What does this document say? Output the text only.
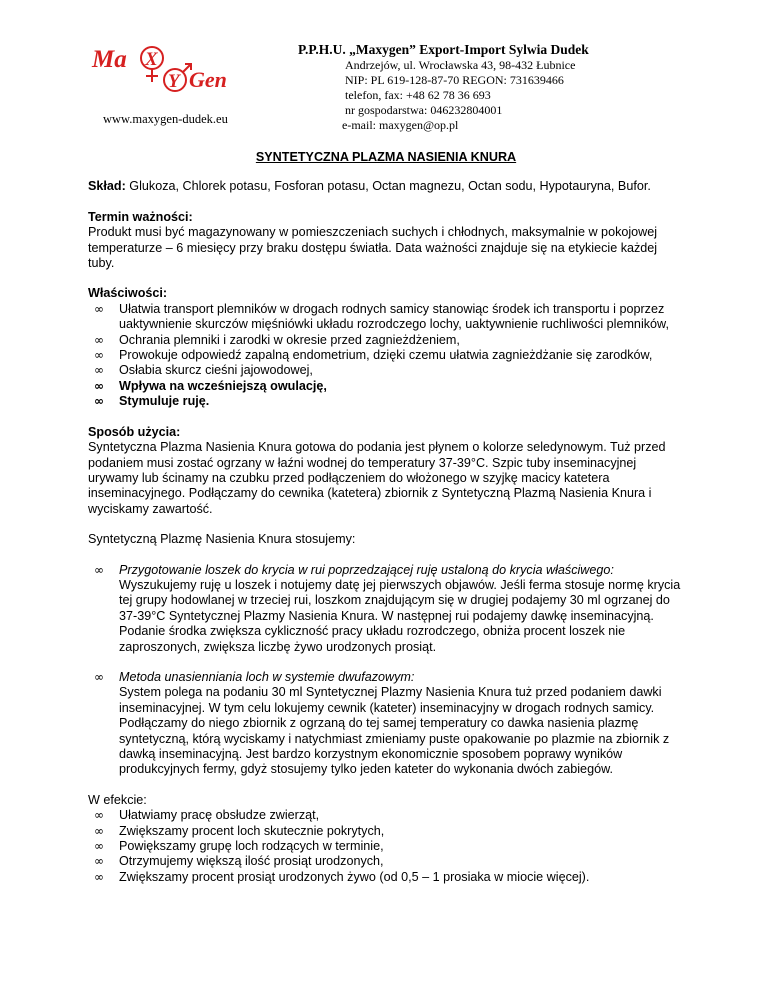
Ma X
Y Gen
www.maxygen-dudek.eu
P.P.H.U. „Maxygen” Export-Import Sylwia Dudek
Andrzejów, ul. Wrocławska 43, 98-432 Łubnice
NIP: PL 619-128-87-70 REGON: 731639466
telefon, fax: +48 62 78 36 693
nr gospodarstwa: 046232804001
e-mail: maxygen@op.pl

SYNTETYCZNA PLAZMA NASIENIA KNURA

Skład: Glukoza, Chlorek potasu, Fosforan potasu, Octan magnezu, Octan sodu, Hypotauryna, Bufor.

Termin ważności:

Produkt musi być magazynowany w pomieszczeniach suchych i chłodnych, maksymalnie w pokojowej temperaturze – 6 miesięcy przy braku dostępu światła. Data ważności znajduje się na etykiecie każdej tuby.

Właściwości:

∞ Ułatwia transport plemników w drogach rodnych samicy stanowiąc środek ich transportu i poprzez uaktywnienie skurczów mięśniówki układu rozrodczego lochy, uaktywnienie ruchliwości plemników,
∞ Ochrania plemniki i zarodki w okresie przed zagnieżdżeniem,
∞ Prowokuje odpowiedź zapalną endometrium, dzięki czemu ułatwia zagnieżdżanie się zarodków,
∞ Osłabia skurcz cieśni jajowodowej,
∞ Wpływa na wcześniejszą owulację,
∞ Stymuluje ruję.

Sposób użycia:

Syntetyczna Plazma Nasienia Knura gotowa do podania jest płynem o kolorze seledynowym. Tuż przed podaniem musi zostać ogrzany w łaźni wodnej do temperatury 37-39°C. Szpic tuby inseminacyjnej urywamy lub ścinamy na czubku przed podłączeniem do włożonego w szyjkę macicy katetera inseminacyjnego. Podłączamy do cewnika (katetera) zbiornik z Syntetyczną Plazmą Nasienia Knura i wyciskamy zawartość.

Syntetyczną Plazmę Nasienia Knura stosujemy:

∞ Przygotowanie loszek do krycia w rui poprzedzającej ruję ustaloną do krycia właściwego:

Wyszukujemy ruję u loszek i notujemy datę jej pierwszych objawów. Jeśli ferma stosuje normę krycia tej grupy hodowlanej w trzeciej rui, loszkom znajdującym się w drugiej podajemy 30 ml ogrzanej do 37-39°C Syntetycznej Plazmy Nasienia Knura. W następnej rui podajemy dawkę inseminacyjną.

Podanie środka zwiększa cykliczność pracy układu rozrodczego, obniża procent loszek nie zaproszonych, zwiększa liczbę żywo urodzonych prosiąt.

∞ Metoda unasienniania loch w systemie dwufazowym:

System polega na podaniu 30 ml Syntetycznej Plazmy Nasienia Knura tuż przed podaniem dawki inseminacyjnej. W tym celu lokujemy cewnik (kateter) inseminacyjny w drogach rodnych samicy. Podłączamy do niego zbiornik z ogrzaną do tej samej temperatury co dawka nasienia plazmę syntetyczną, którą wyciskamy i natychmiast zmieniamy puste opakowanie po plazmie na zbiornik z dawką inseminacyjną. Jest bardzo korzystnym ekonomicznie sposobem poprawy wyników produkcyjnych fermy, gdyż stosujemy tylko jeden kateter do wykonania dwóch zabiegów.

W efekcie:

∞ Ułatwiamy pracę obsłudze zwierząt,
∞ Zwiększamy procent loch skutecznie pokrytych,
∞ Powiększamy grupę loch rodzących w terminie,
∞ Otrzymujemy większą ilość prosiąt urodzonych,
∞ Zwiększamy procent prosiąt urodzonych żywo (od 0,5 – 1 prosiaka w miocie więcej).
